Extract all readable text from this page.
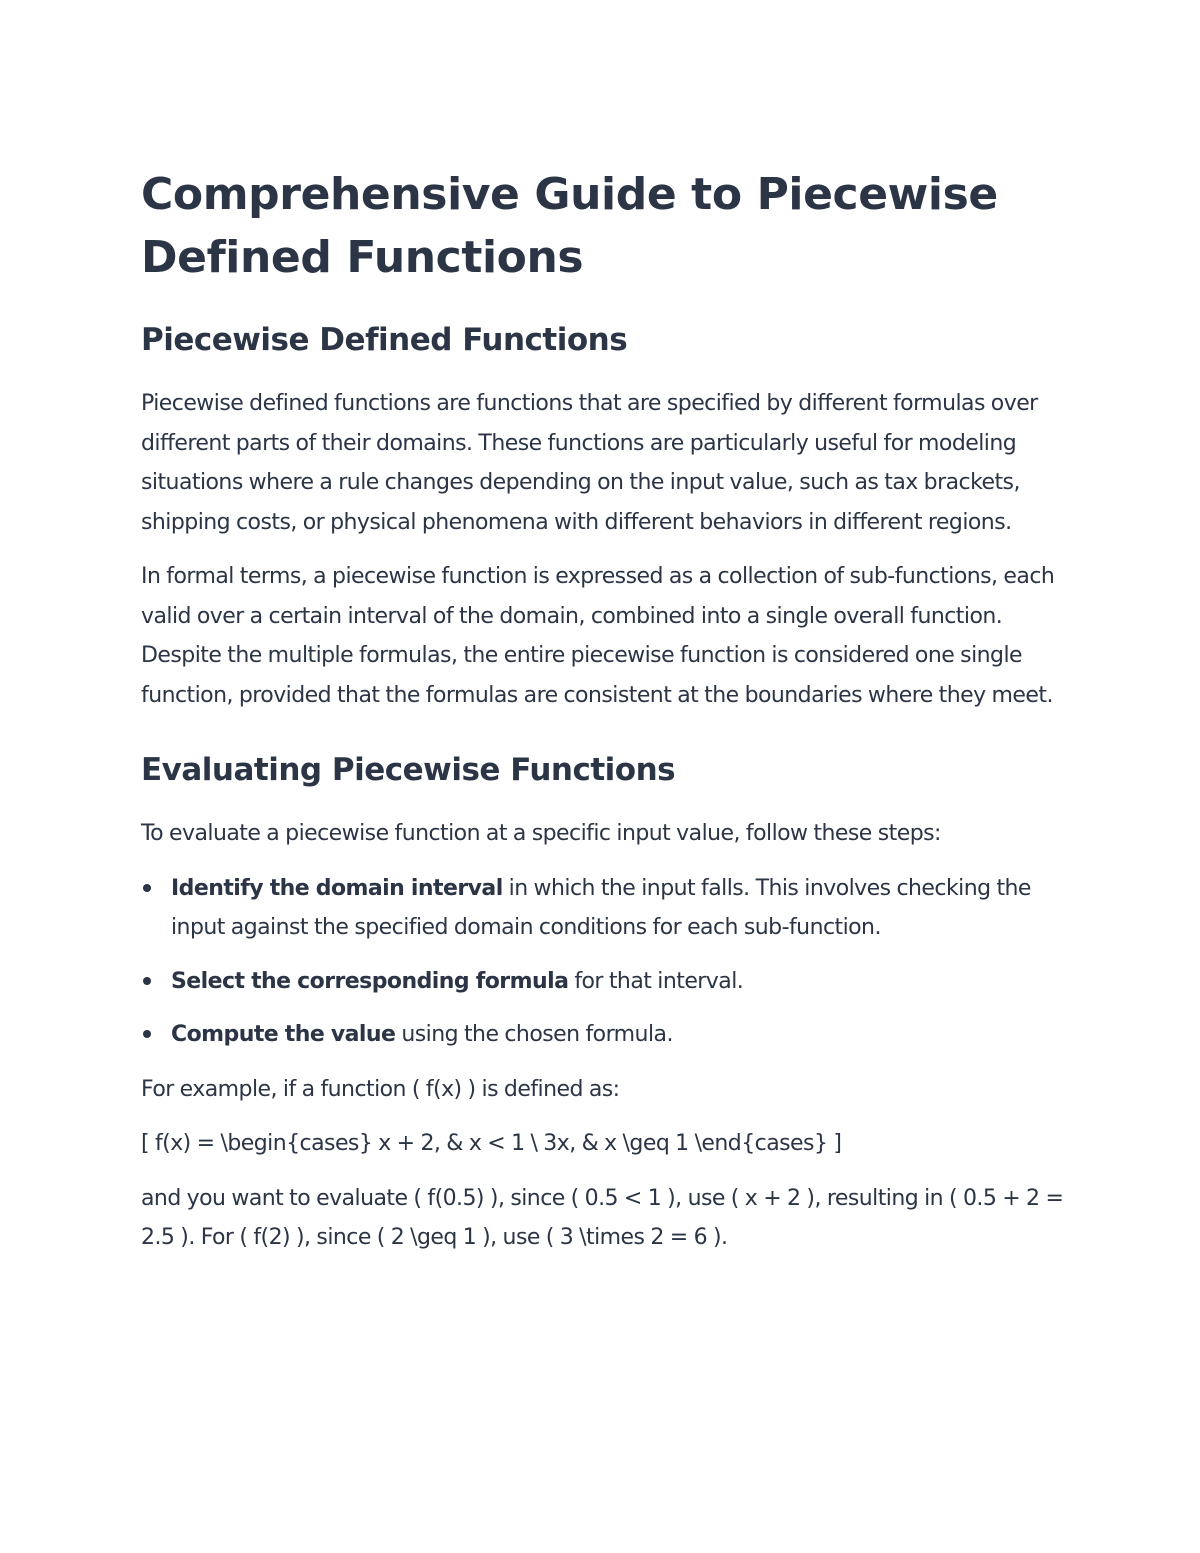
Comprehensive Guide to Piecewise Defined Functions
Piecewise Defined Functions

Piecewise defined functions are functions that are specified by different formulas over different parts of their domains. These functions are particularly useful for modeling situations where a rule changes depending on the input value, such as tax brackets, shipping costs, or physical phenomena with different behaviors in different regions.

In formal terms, a piecewise function is expressed as a collection of sub-functions, each valid over a certain interval of the domain, combined into a single overall function. Despite the multiple formulas, the entire piecewise function is considered one single function, provided that the formulas are consistent at the boundaries where they meet.

Evaluating Piecewise Functions

To evaluate a piecewise function at a specific input value, follow these steps:

Identify the domain interval in which the input falls. This involves checking the input against the specified domain conditions for each sub-function.
Select the corresponding formula for that interval.
Compute the value using the chosen formula.

For example, if a function ( f(x) ) is defined as:

[ f(x) = \begin{cases} x + 2, & x < 1 \ 3x, & x \geq 1 \end{cases} ]

and you want to evaluate ( f(0.5) ), since ( 0.5 < 1 ), use ( x + 2 ), resulting in ( 0.5 + 2 = 2.5 ). For ( f(2) ), since ( 2 \geq 1 ), use ( 3 \times 2 = 6 ).
